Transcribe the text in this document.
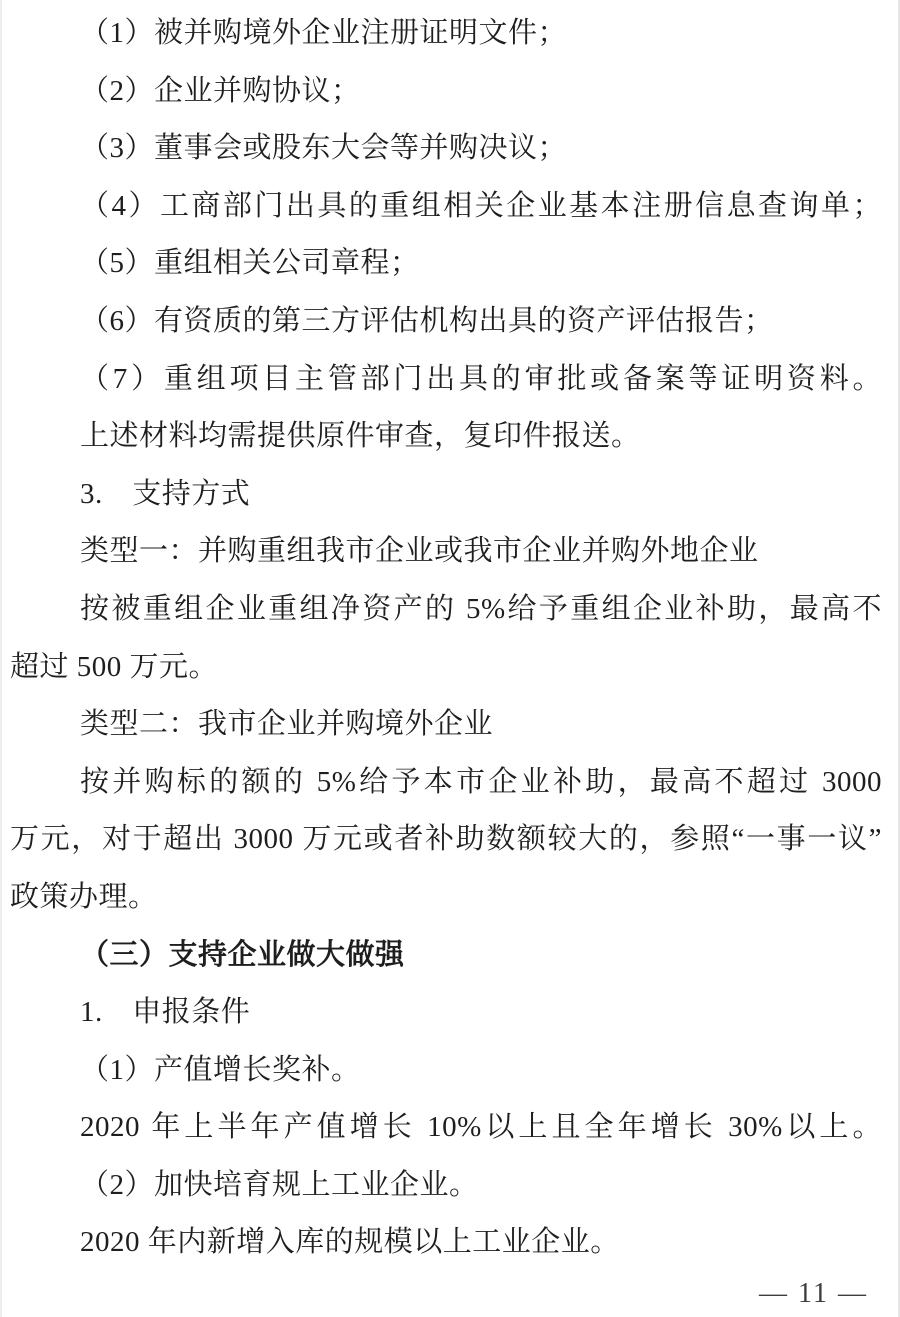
（1）被并购境外企业注册证明文件；
（2）企业并购协议；
（3）董事会或股东大会等并购决议；
（4）工商部门出具的重组相关企业基本注册信息查询单；
（5）重组相关公司章程；
（6）有资质的第三方评估机构出具的资产评估报告；
（7）重组项目主管部门出具的审批或备案等证明资料。
上述材料均需提供原件审查，复印件报送。
3.　支持方式
类型一：并购重组我市企业或我市企业并购外地企业
按被重组企业重组净资产的 5%给予重组企业补助，最高不
超过 500 万元。
类型二：我市企业并购境外企业
按并购标的额的 5%给予本市企业补助，最高不超过 3000
万元，对于超出 3000 万元或者补助数额较大的，参照“一事一议”
政策办理。
（三）支持企业做大做强
1.　申报条件
（1）产值增长奖补。
2020 年上半年产值增长 10%以上且全年增长 30%以上。
（2）加快培育规上工业企业。
2020 年内新增入库的规模以上工业企业。
— 11 —
